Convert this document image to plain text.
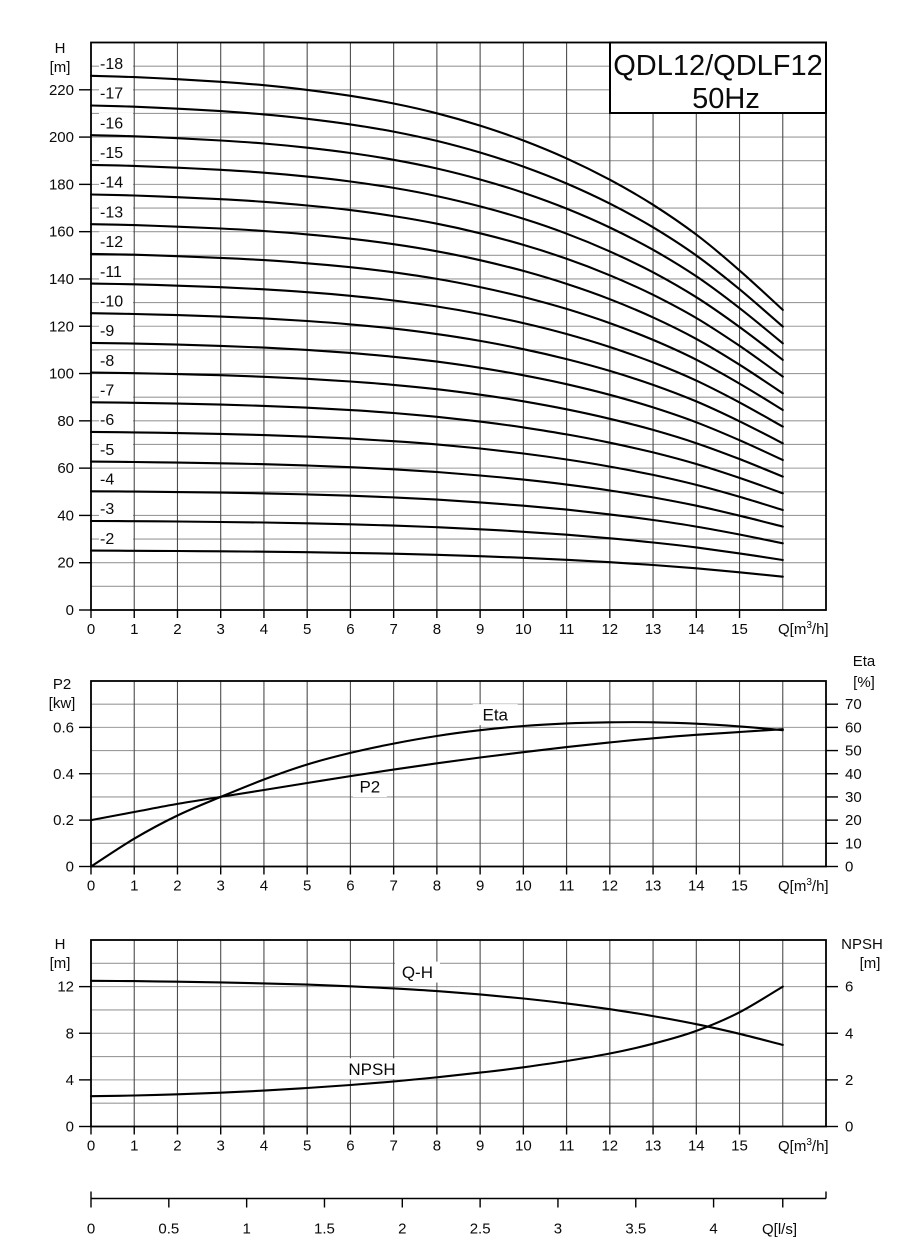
220
200
180
160
140
120
100
80
60
40
20
0
0 1 2 3 4 5 6 7 8 9 10 11 12 13 14 15
-2
-3
-4
-5
-6
-7
-8
-9
-10
-11
-12
-13
-14
-15
-16
-17
-18
0.6
0.4
0.2
0
70
60
50
40
30
20
10
0
0 1 2 3 4 5 6 7 8 9 10 11 12 13 14 15
Eta
P2
12
8
4
0
6
4
2
0
0 1 2 3 4 5 6 7 8 9 10 11 12 13 14 15
Q-H
NPSH
0	0.5	1	1.5	2	2.5	3	3.5	4
QDL12/QDLF12
50Hz
H
[m]
$Q[m^3/h]$
P2
[kw]
Eta
[%]
$Q[m^3/h]$
H
[m]
NPSH
[m]
$Q[m^3/h]$
Q[l/s]
